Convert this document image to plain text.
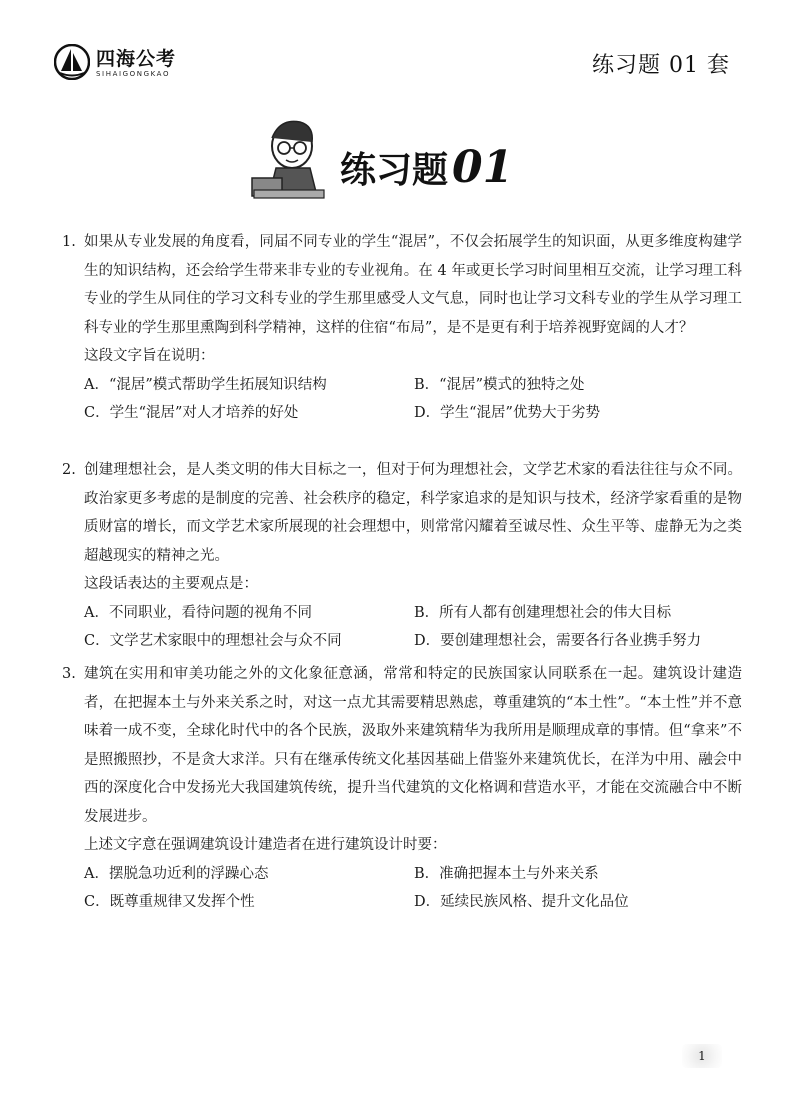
四海公考
SIHAIGONGKAO	练习题 01 套
练习题01
1. 如果从专业发展的角度看，同届不同专业的学生“混居”，不仅会拓展学生的知识面，从更多维度构建学生的知识结构，还会给学生带来非专业的专业视角。在 4 年或更长学习时间里相互交流，让学习理工科专业的学生从同住的学习文科专业的学生那里感受人文气息，同时也让学习文科专业的学生从学习理工科专业的学生那里熏陶到科学精神，这样的住宿“布局”，是不是更有利于培养视野宽阔的人才？
这段文字旨在说明：
A．“混居”模式帮助学生拓展知识结构	B．“混居”模式的独特之处
C．学生“混居”对人才培养的好处	D．学生“混居”优势大于劣势
2. 创建理想社会，是人类文明的伟大目标之一，但对于何为理想社会，文学艺术家的看法往往与众不同。政治家更多考虑的是制度的完善、社会秩序的稳定，科学家追求的是知识与技术，经济学家看重的是物质财富的增长，而文学艺术家所展现的社会理想中，则常常闪耀着至诚尽性、众生平等、虚静无为之类超越现实的精神之光。
这段话表达的主要观点是：
A．不同职业，看待问题的视角不同	B．所有人都有创建理想社会的伟大目标
C．文学艺术家眼中的理想社会与众不同	D．要创建理想社会，需要各行各业携手努力
3. 建筑在实用和审美功能之外的文化象征意涵，常常和特定的民族国家认同联系在一起。建筑设计建造者，在把握本土与外来关系之时，对这一点尤其需要精思熟虑，尊重建筑的“本土性”。“本土性”并不意味着一成不变，全球化时代中的各个民族，汲取外来建筑精华为我所用是顺理成章的事情。但“拿来”不是照搬照抄，不是贪大求洋。只有在继承传统文化基因基础上借鉴外来建筑优长，在洋为中用、融会中西的深度化合中发扬光大我国建筑传统，提升当代建筑的文化格调和营造水平，才能在交流融合中不断发展进步。
上述文字意在强调建筑设计建造者在进行建筑设计时要：
A．摆脱急功近利的浮躁心态	B．准确把握本土与外来关系
C．既尊重规律又发挥个性	D．延续民族风格、提升文化品位
1
